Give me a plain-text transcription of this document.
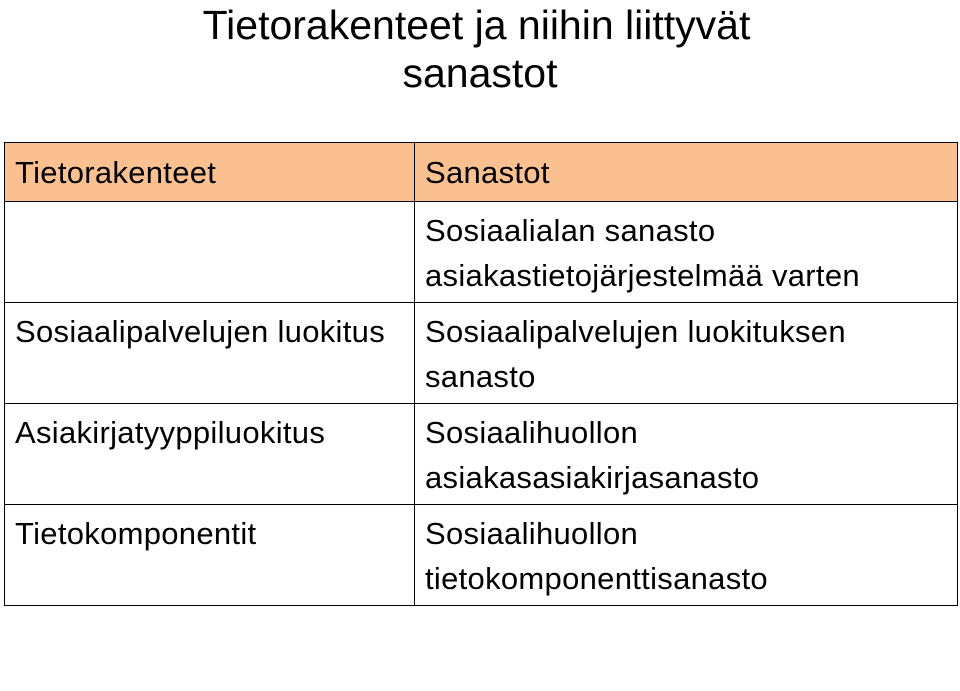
Tietorakenteet ja niihin liittyvät
sanastot
Tietorakenteet	Sanastot
	Sosiaalialan sanasto asiakastietojärjestelmää varten
Sosiaalipalvelujen luokitus	Sosiaalipalvelujen luokituksen sanasto
Asiakirjatyyppiluokitus	Sosiaalihuollon asiakasasiakirjasanasto
Tietokomponentit	Sosiaalihuollon tietokomponenttisanasto
